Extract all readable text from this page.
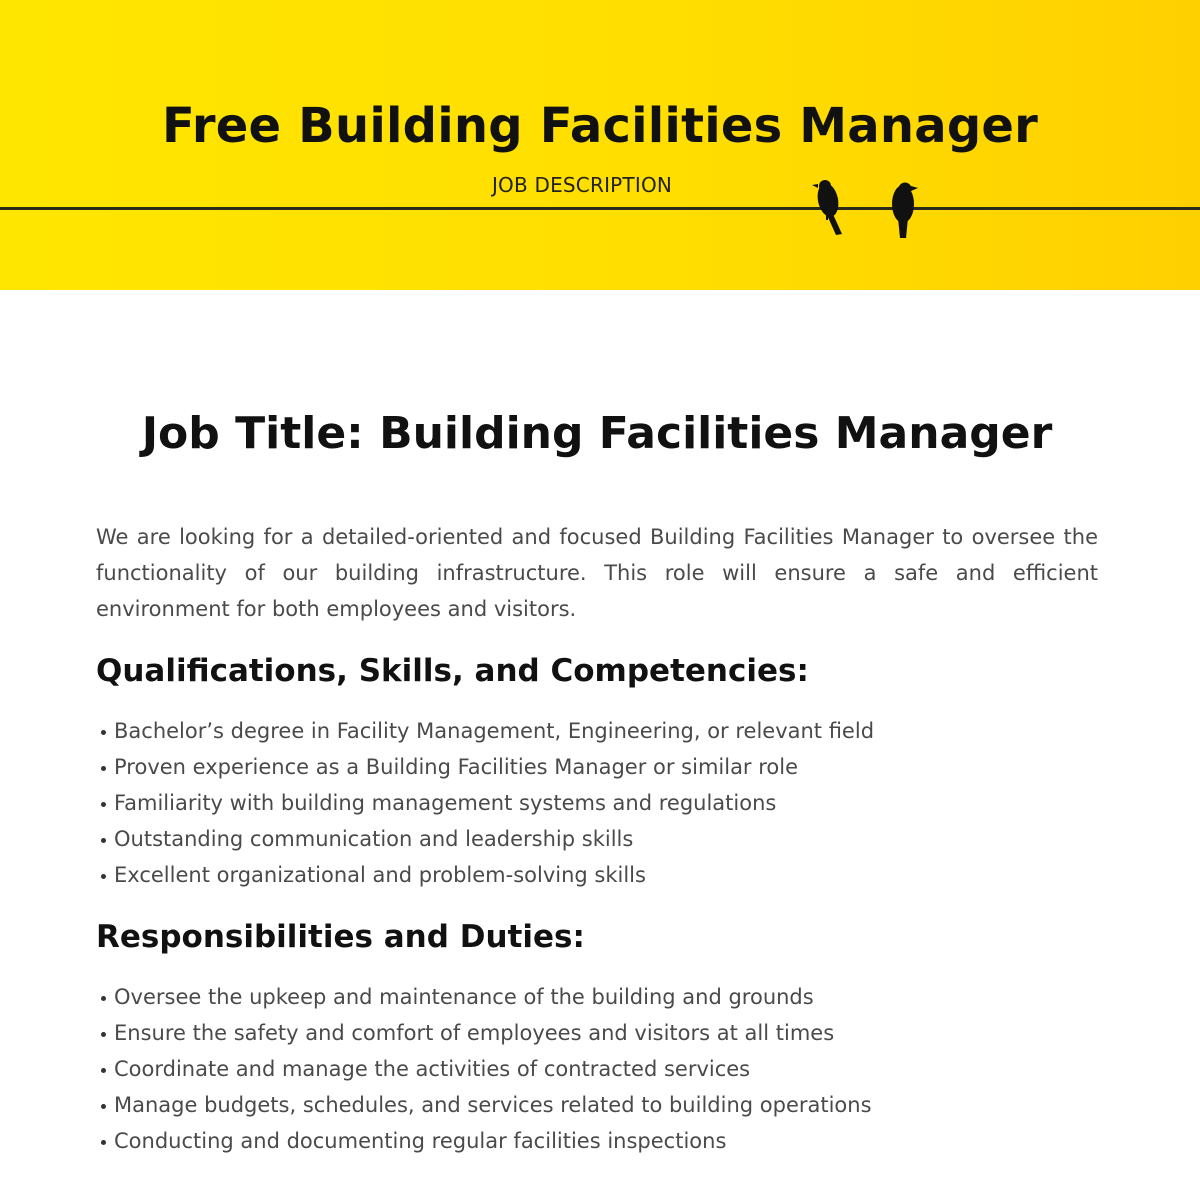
Free Building Facilities Manager
JOB DESCRIPTION
Job Title: Building Facilities Manager

We are looking for a detailed-oriented and focused Building Facilities Manager to oversee the functionality of our building infrastructure. This role will ensure a safe and efficient environment for both employees and visitors.

Qualifications, Skills, and Competencies:
Bachelor’s degree in Facility Management, Engineering, or relevant field
Proven experience as a Building Facilities Manager or similar role
Familiarity with building management systems and regulations
Outstanding communication and leadership skills
Excellent organizational and problem-solving skills
Responsibilities and Duties:
Oversee the upkeep and maintenance of the building and grounds
Ensure the safety and comfort of employees and visitors at all times
Coordinate and manage the activities of contracted services
Manage budgets, schedules, and services related to building operations
Conducting and documenting regular facilities inspections
